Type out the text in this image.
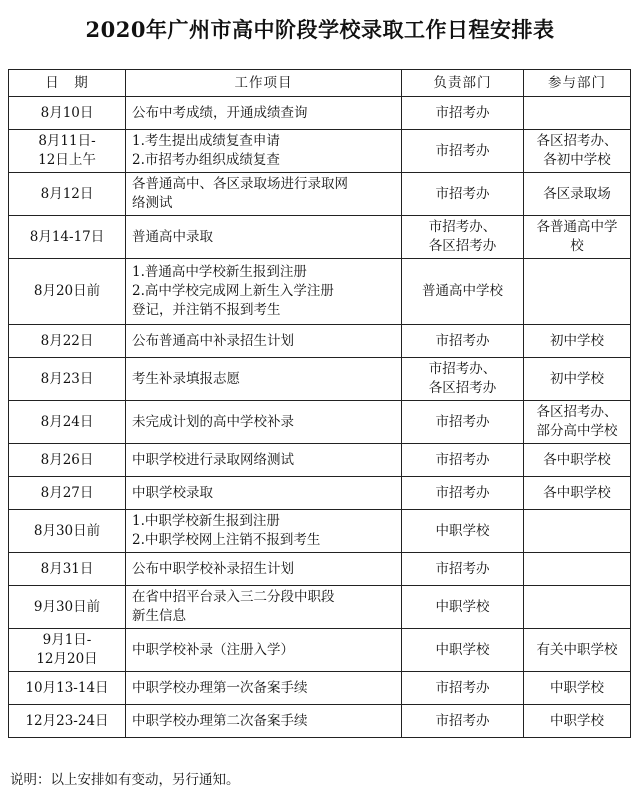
2020年广州市高中阶段学校录取工作日程安排表
日　期	工作项目	负责部门	参与部门

8月10日	公布中考成绩，开通成绩查询	市招考办	

8月11日-
12日上午	1.考生提出成绩复查申请
2.市招考办组织成绩复查	市招考办	各区招考办、
各初中学校

8月12日	各普通高中、各区录取场进行录取网
络测试	市招考办	各区录取场

8月14-17日	普通高中录取	市招考办、
各区招考办	各普通高中学
校

8月20日前	1.普通高中学校新生报到注册
2.高中学校完成网上新生入学注册
登记，并注销不报到考生	普通高中学校	

8月22日	公布普通高中补录招生计划	市招考办	初中学校

8月23日	考生补录填报志愿	市招考办、
各区招考办	初中学校

8月24日	未完成计划的高中学校补录	市招考办	各区招考办、
部分高中学校

8月26日	中职学校进行录取网络测试	市招考办	各中职学校

8月27日	中职学校录取	市招考办	各中职学校

8月30日前	1.中职学校新生报到注册
2.中职学校网上注销不报到考生	中职学校	

8月31日	公布中职学校补录招生计划	市招考办	

9月30日前	在省中招平台录入三二分段中职段
新生信息	中职学校	

9月1日-
12月20日	中职学校补录（注册入学）	中职学校	有关中职学校

10月13-14日	中职学校办理第一次备案手续	市招考办	中职学校

12月23-24日	中职学校办理第二次备案手续	市招考办	中职学校
说明：以上安排如有变动，另行通知。
